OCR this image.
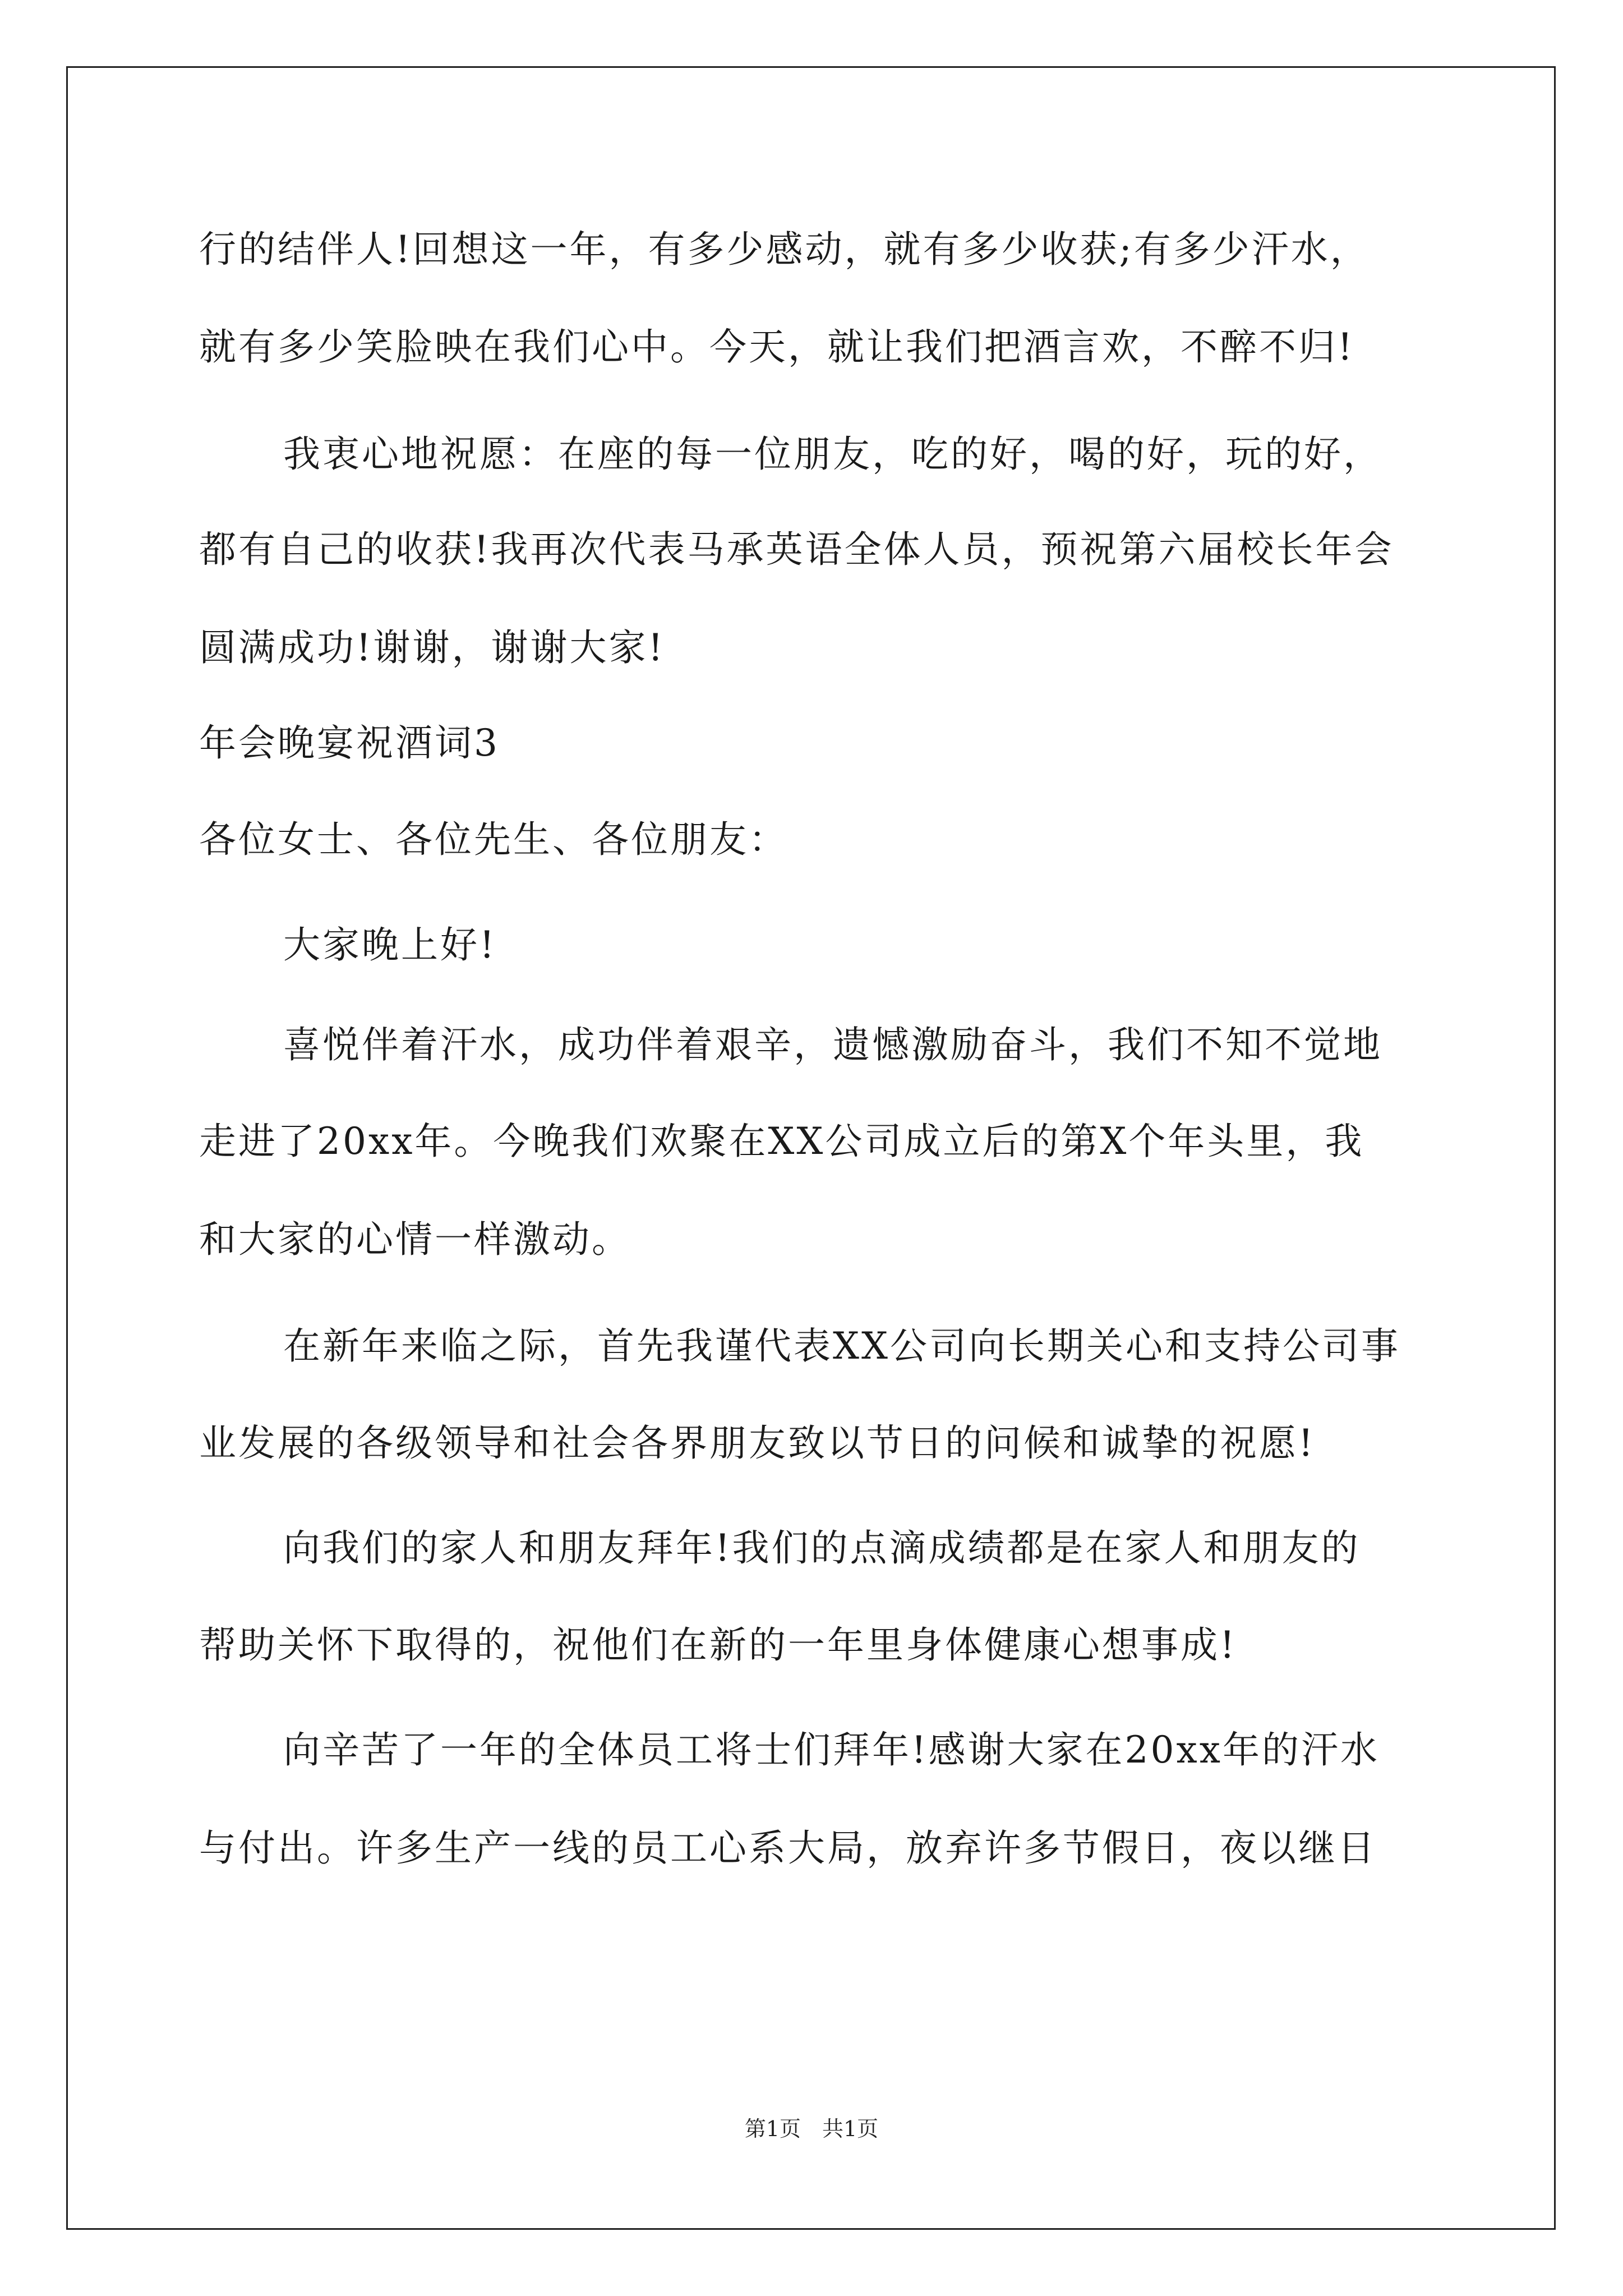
行的结伴人!回想这一年，有多少感动，就有多少收获;有多少汗水，
就有多少笑脸映在我们心中。今天，就让我们把酒言欢，不醉不归!
我衷心地祝愿：在座的每一位朋友，吃的好，喝的好，玩的好，
都有自己的收获!我再次代表马承英语全体人员，预祝第六届校长年会
圆满成功!谢谢，谢谢大家!
年会晚宴祝酒词3
各位女士、各位先生、各位朋友：
大家晚上好!
喜悦伴着汗水，成功伴着艰辛，遗憾激励奋斗，我们不知不觉地
走进了20xx年。今晚我们欢聚在XX公司成立后的第X个年头里，我
和大家的心情一样激动。
在新年来临之际，首先我谨代表XX公司向长期关心和支持公司事
业发展的各级领导和社会各界朋友致以节日的问候和诚挚的祝愿!
向我们的家人和朋友拜年!我们的点滴成绩都是在家人和朋友的
帮助关怀下取得的，祝他们在新的一年里身体健康心想事成!
向辛苦了一年的全体员工将士们拜年!感谢大家在20xx年的汗水
与付出。许多生产一线的员工心系大局，放弃许多节假日，夜以继日
第1页　共1页
